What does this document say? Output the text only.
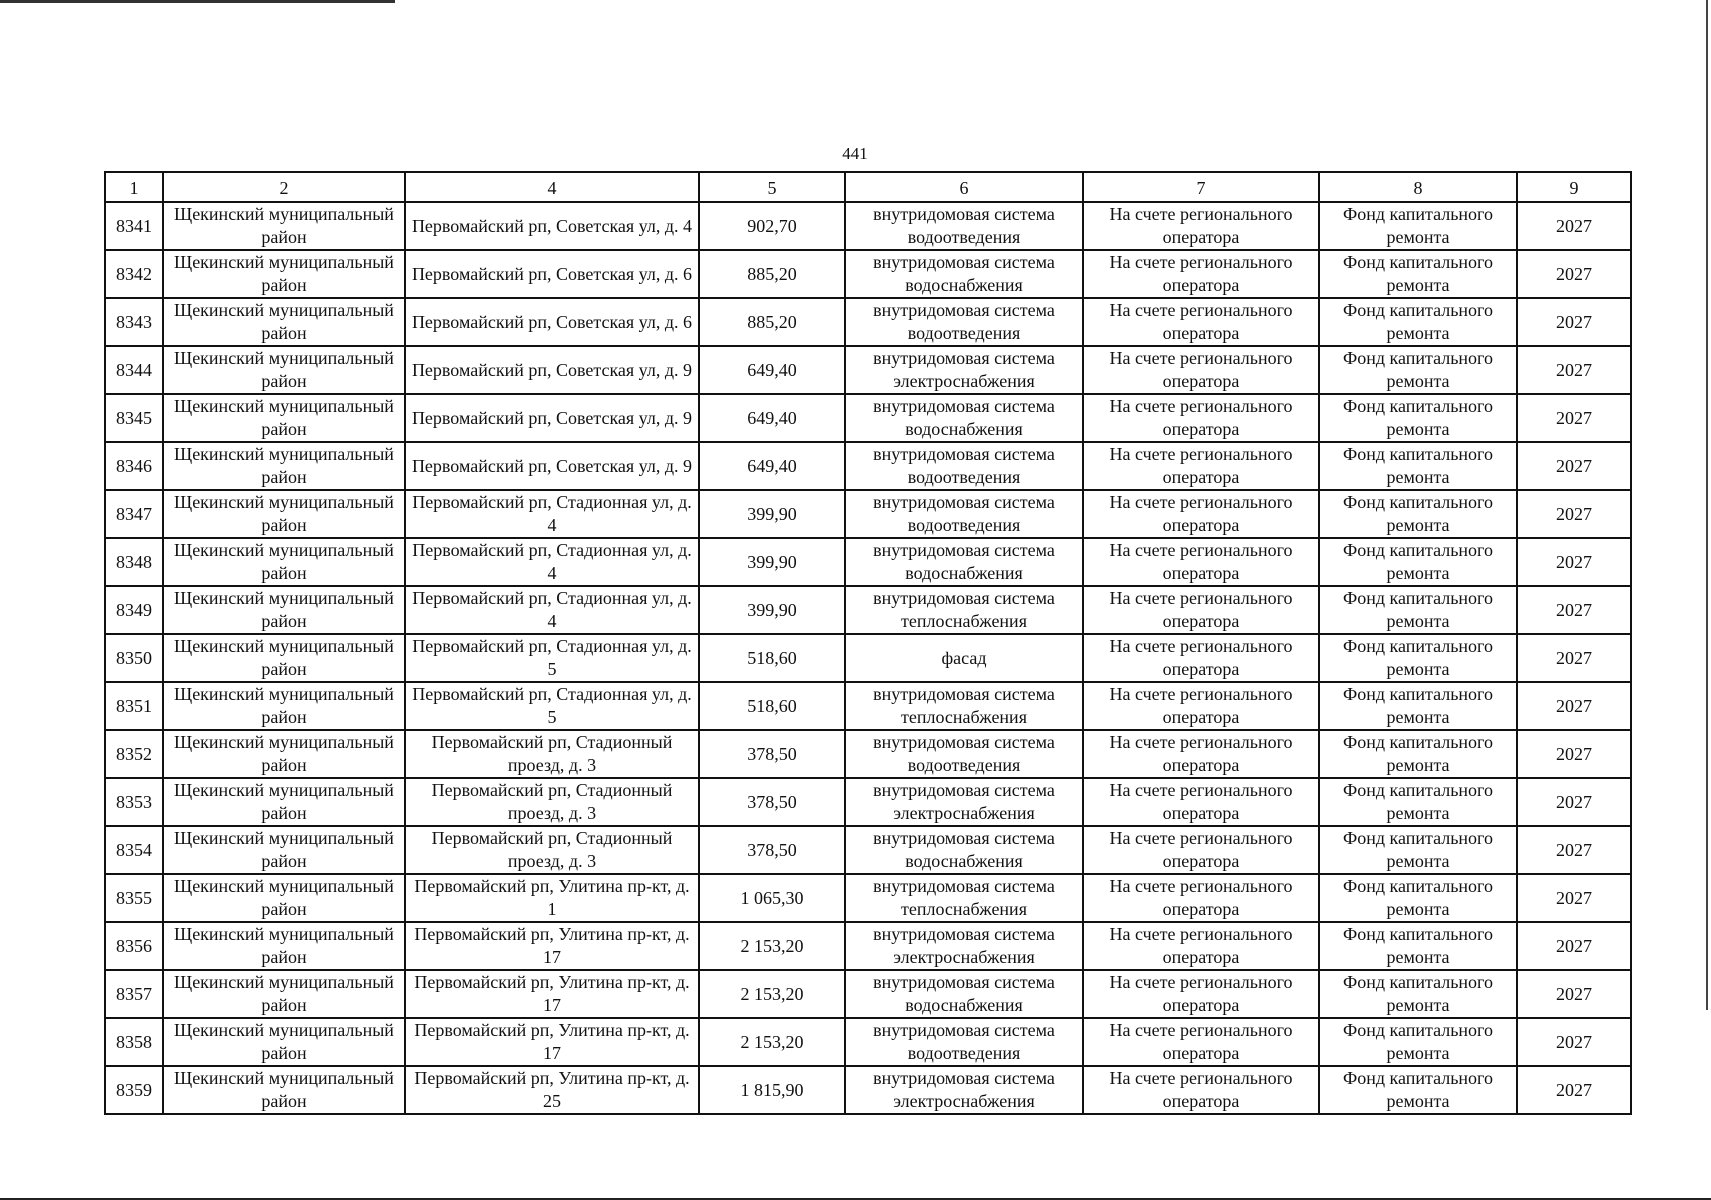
441
1	2	4	5	6	7	8	9
8341	Щекинский муниципальный район	Первомайский рп, Советская ул, д. 4	902,70	внутридомовая система водоотведения	На счете регионального оператора	Фонд капитального ремонта	2027
8342	Щекинский муниципальный район	Первомайский рп, Советская ул, д. 6	885,20	внутридомовая система водоснабжения	На счете регионального оператора	Фонд капитального ремонта	2027
8343	Щекинский муниципальный район	Первомайский рп, Советская ул, д. 6	885,20	внутридомовая система водоотведения	На счете регионального оператора	Фонд капитального ремонта	2027
8344	Щекинский муниципальный район	Первомайский рп, Советская ул, д. 9	649,40	внутридомовая система электроснабжения	На счете регионального оператора	Фонд капитального ремонта	2027
8345	Щекинский муниципальный район	Первомайский рп, Советская ул, д. 9	649,40	внутридомовая система водоснабжения	На счете регионального оператора	Фонд капитального ремонта	2027
8346	Щекинский муниципальный район	Первомайский рп, Советская ул, д. 9	649,40	внутридомовая система водоотведения	На счете регионального оператора	Фонд капитального ремонта	2027
8347	Щекинский муниципальный район	Первомайский рп, Стадионная ул, д. 4	399,90	внутридомовая система водоотведения	На счете регионального оператора	Фонд капитального ремонта	2027
8348	Щекинский муниципальный район	Первомайский рп, Стадионная ул, д. 4	399,90	внутридомовая система водоснабжения	На счете регионального оператора	Фонд капитального ремонта	2027
8349	Щекинский муниципальный район	Первомайский рп, Стадионная ул, д. 4	399,90	внутридомовая система теплоснабжения	На счете регионального оператора	Фонд капитального ремонта	2027
8350	Щекинский муниципальный район	Первомайский рп, Стадионная ул, д. 5	518,60	фасад	На счете регионального оператора	Фонд капитального ремонта	2027
8351	Щекинский муниципальный район	Первомайский рп, Стадионная ул, д. 5	518,60	внутридомовая система теплоснабжения	На счете регионального оператора	Фонд капитального ремонта	2027
8352	Щекинский муниципальный район	Первомайский рп, Стадионный проезд, д. 3	378,50	внутридомовая система водоотведения	На счете регионального оператора	Фонд капитального ремонта	2027
8353	Щекинский муниципальный район	Первомайский рп, Стадионный проезд, д. 3	378,50	внутридомовая система электроснабжения	На счете регионального оператора	Фонд капитального ремонта	2027
8354	Щекинский муниципальный район	Первомайский рп, Стадионный проезд, д. 3	378,50	внутридомовая система водоснабжения	На счете регионального оператора	Фонд капитального ремонта	2027
8355	Щекинский муниципальный район	Первомайский рп, Улитина пр-кт, д. 1	1 065,30	внутридомовая система теплоснабжения	На счете регионального оператора	Фонд капитального ремонта	2027
8356	Щекинский муниципальный район	Первомайский рп, Улитина пр-кт, д. 17	2 153,20	внутридомовая система электроснабжения	На счете регионального оператора	Фонд капитального ремонта	2027
8357	Щекинский муниципальный район	Первомайский рп, Улитина пр-кт, д. 17	2 153,20	внутридомовая система водоснабжения	На счете регионального оператора	Фонд капитального ремонта	2027
8358	Щекинский муниципальный район	Первомайский рп, Улитина пр-кт, д. 17	2 153,20	внутридомовая система водоотведения	На счете регионального оператора	Фонд капитального ремонта	2027
8359	Щекинский муниципальный район	Первомайский рп, Улитина пр-кт, д. 25	1 815,90	внутридомовая система электроснабжения	На счете регионального оператора	Фонд капитального ремонта	2027
